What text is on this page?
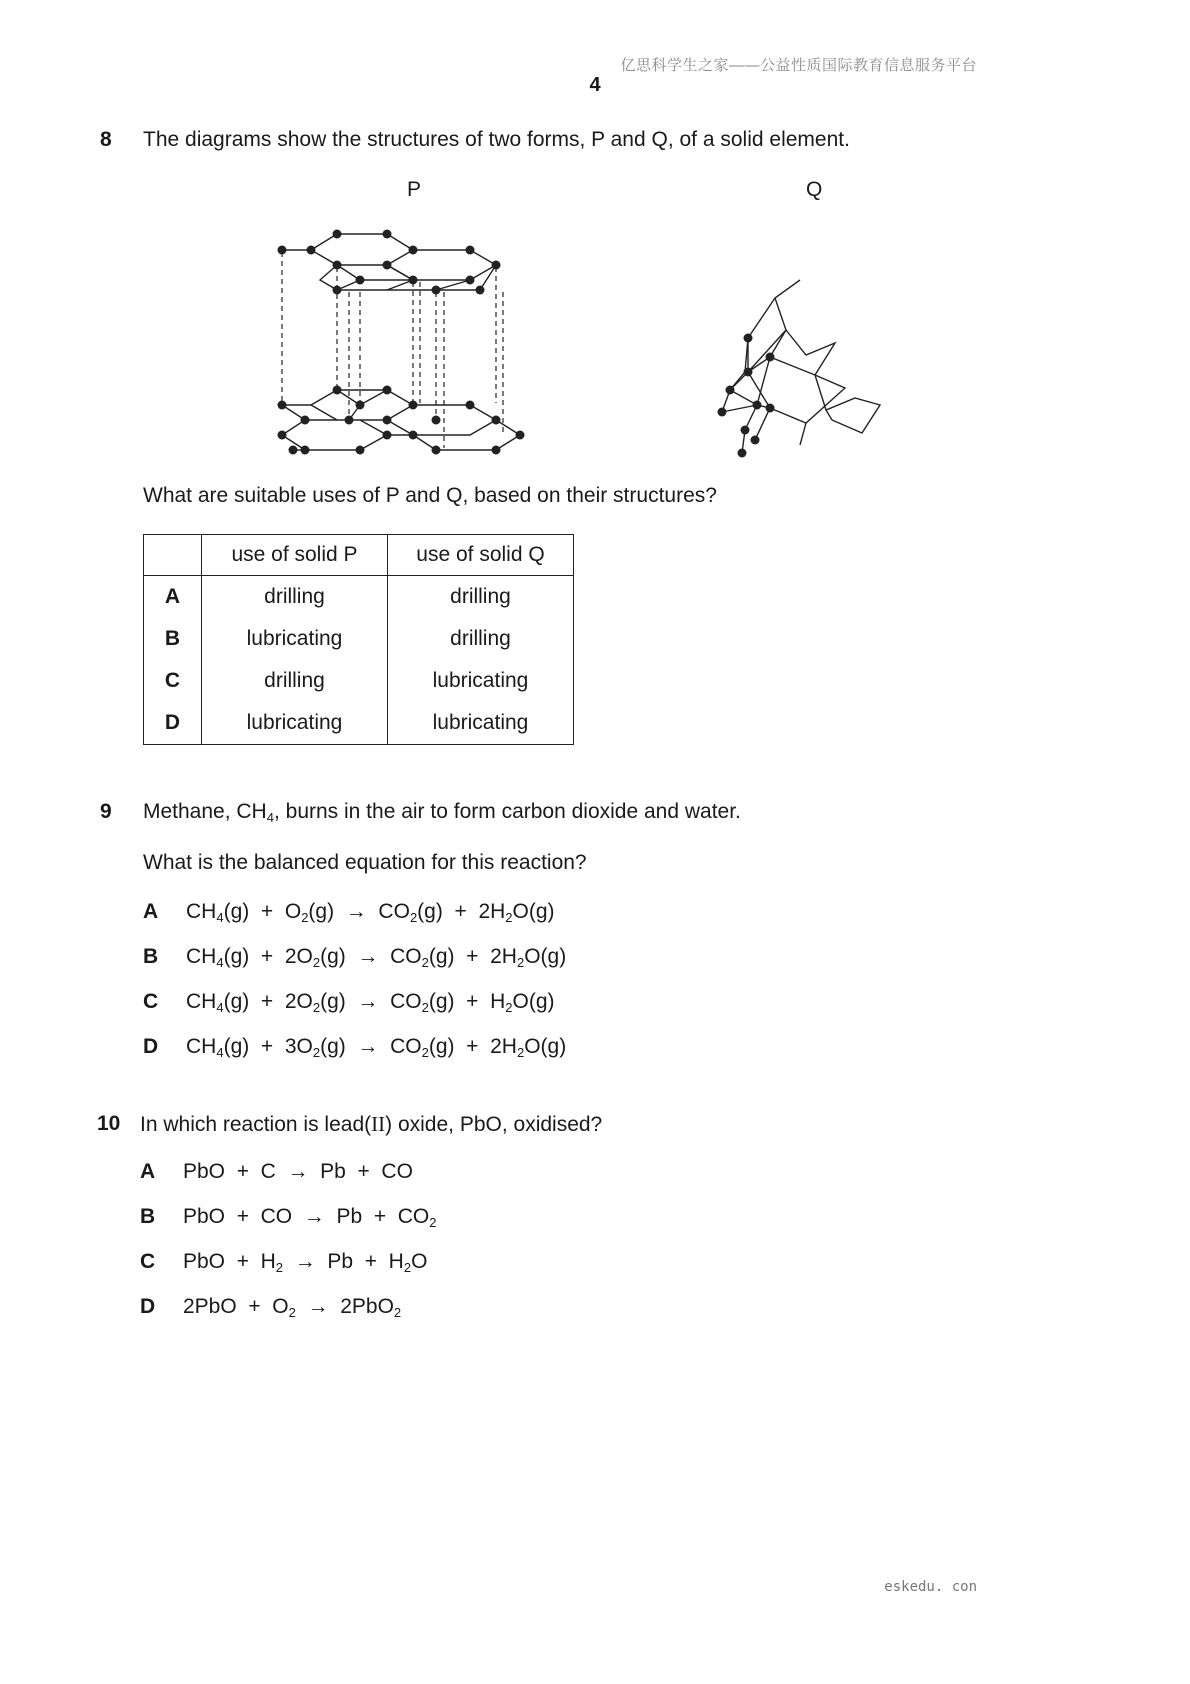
亿思科学生之家——公益性质国际教育信息服务平台
4
8 The diagrams show the structures of two forms, P and Q, of a solid element.
P	Q
What are suitable uses of P and Q, based on their structures?
	use of solid P	use of solid Q
A	drilling	drilling
B	lubricating	drilling
C	drilling	lubricating
D	lubricating	lubricating
9 Methane, $CH_4$, burns in the air to form carbon dioxide and water.
What is the balanced equation for this reaction?
A $CH_4(g) + O_2(g) \to CO_2(g) + 2H_2O(g)$
B $CH_4(g) + 2O_2(g) \to CO_2(g) + 2H_2O(g)$
C $CH_4(g) + 2O_2(g) \to CO_2(g) + H_2O(g)$
D $CH_4(g) + 3O_2(g) \to CO_2(g) + 2H_2O(g)$
10 In which reaction is lead(II) oxide, PbO, oxidised?
A PbO  +  C  →  Pb  +  CO
B PbO  +  CO  →  $Pb + CO_2$
C PbO  +  $H_2 \to Pb + H_2O$
D $2PbO + O_2 \to 2PbO_2$
eskedu. con
